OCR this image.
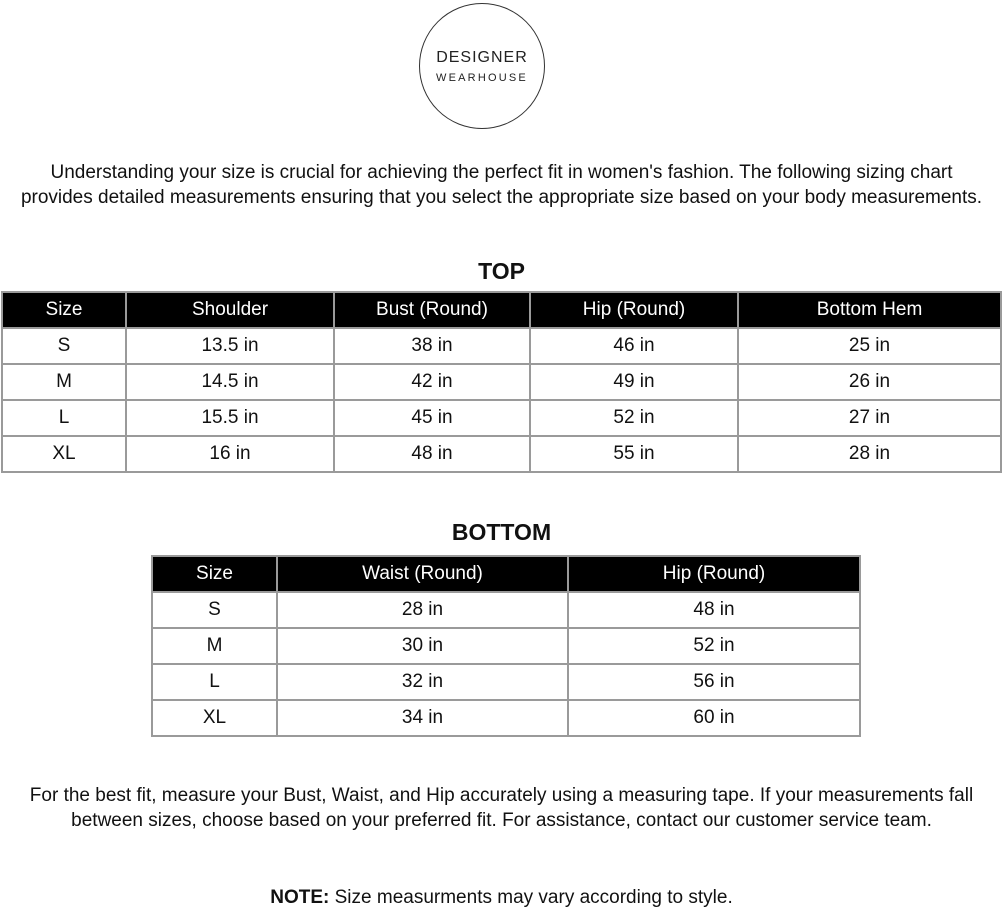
DESIGNER
WEARHOUSE
Understanding your size is crucial for achieving the perfect fit in women's fashion. The following sizing chart provides detailed measurements ensuring that you select the appropriate size based on your body measurements.
TOP
Size	Shoulder	Bust (Round)	Hip (Round)	Bottom Hem
S	13.5 in	38 in	46 in	25 in
M	14.5 in	42 in	49 in	26 in
L	15.5 in	45 in	52 in	27 in
XL	16 in	48 in	55 in	28 in
BOTTOM
Size	Waist (Round)	Hip (Round)
S	28 in	48 in
M	30 in	52 in
L	32 in	56 in
XL	34 in	60 in
For the best fit, measure your Bust, Waist, and Hip accurately using a measuring tape. If your measurements fall between sizes, choose based on your preferred fit. For assistance, contact our customer service team.
NOTE: Size measurments may vary according to style.
